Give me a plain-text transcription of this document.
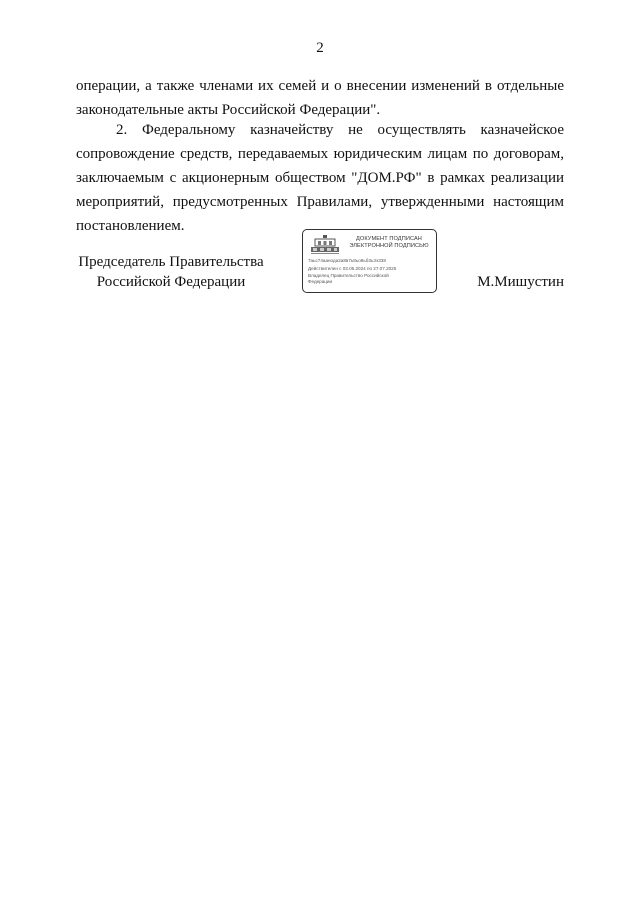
2

операции, а также членами их семей и о внесении изменений в отдельные законодательные акты Российской Федерации".

2. Федеральному казначейству не осуществлять казначейское сопровождение средств, передаваемых юридическим лицам по договорам, заключаемым с акционерным обществом "ДОМ.РФ" в рамках реализации мероприятий, предусмотренных Правилами, утвержденными настоящим постановлением.

Председатель Правительства
Российской Федерации
ДОКУМЕНТ ПОДПИСАН
ЭЛЕКТРОННОЙ ПОДПИСЬЮ
7аьс74аанода2а8в7ь8ьо9ьб3ь3э338
Действителен с 03.05.2024 по 27.07.2025
Владелец Правительство Российской
Федерации	М.Мишустин
